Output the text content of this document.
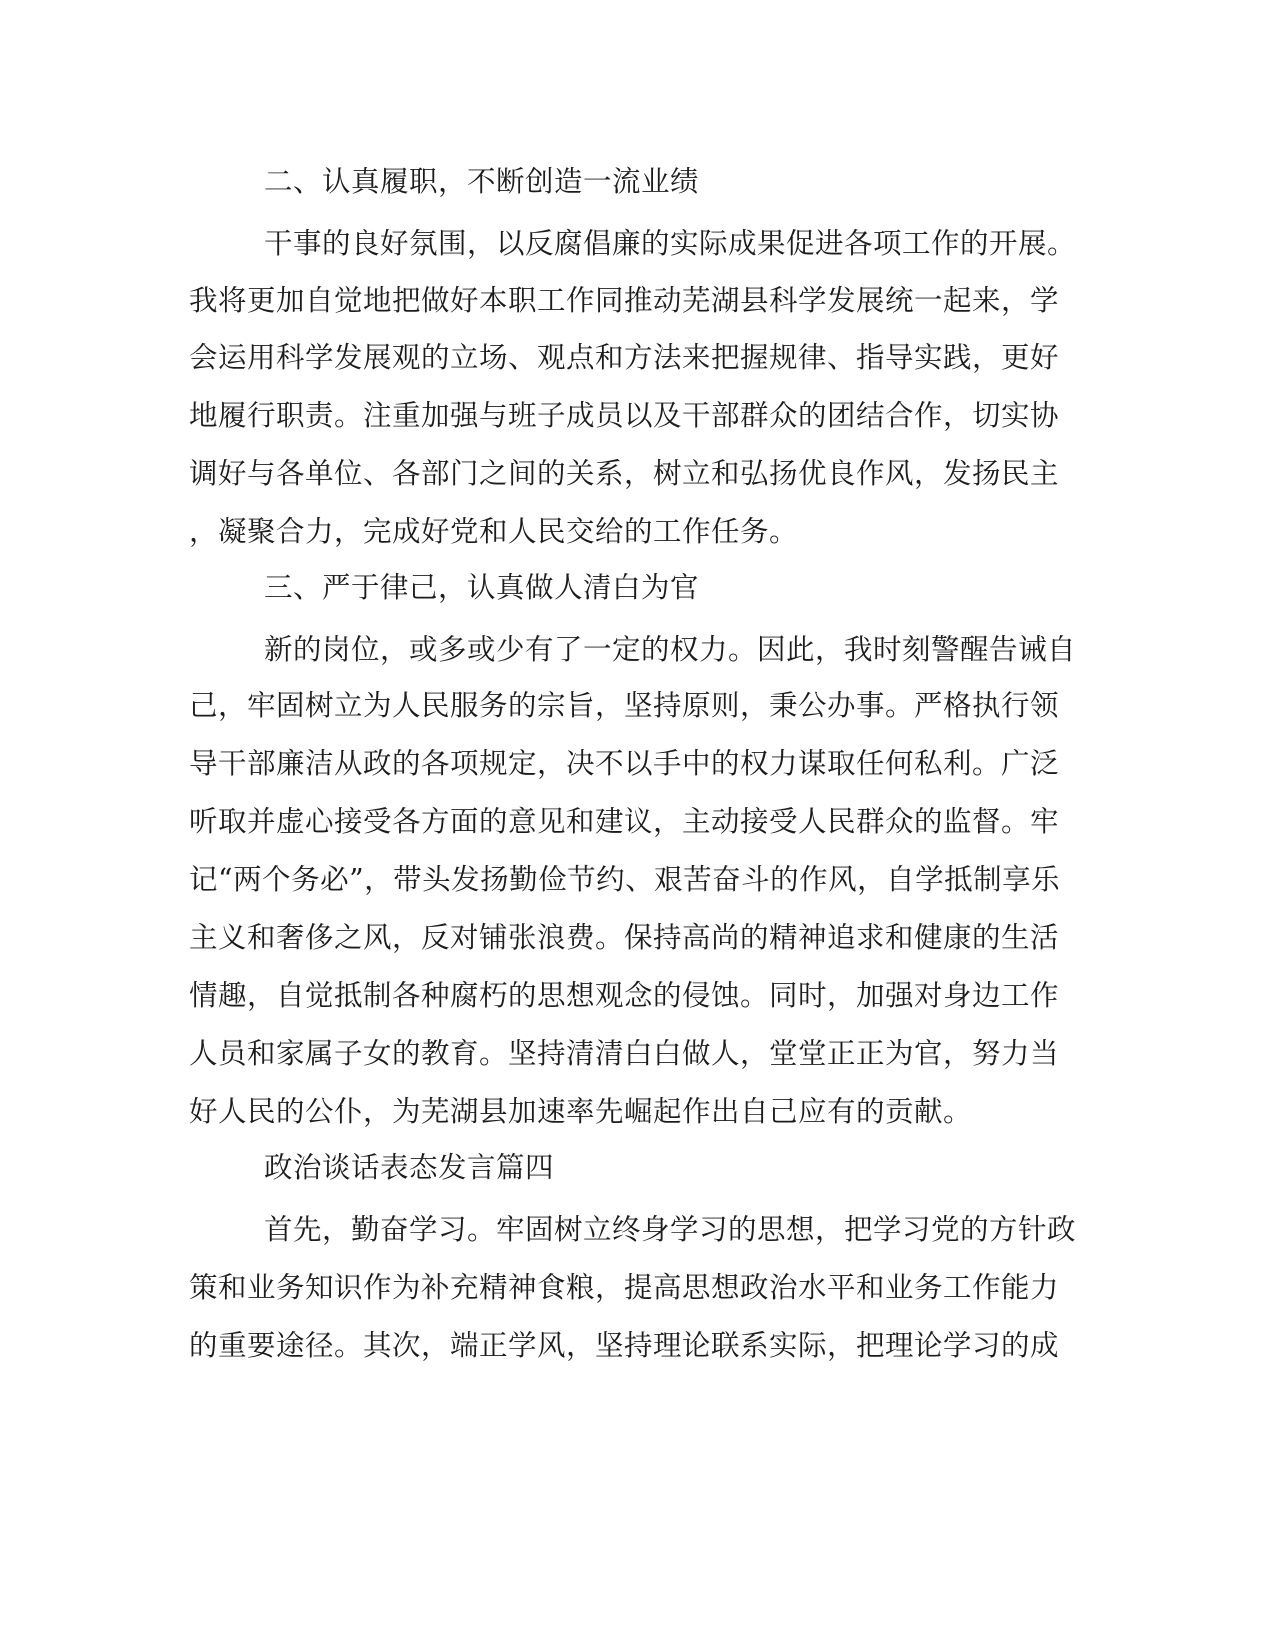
二、认真履职，不断创造一流业绩

干事的良好氛围，以反腐倡廉的实际成果促进各项工作的开展。

我将更加自觉地把做好本职工作同推动芜湖县科学发展统一起来，学

会运用科学发展观的立场、观点和方法来把握规律、指导实践，更好

地履行职责。注重加强与班子成员以及干部群众的团结合作，切实协

调好与各单位、各部门之间的关系，树立和弘扬优良作风，发扬民主

，凝聚合力，完成好党和人民交给的工作任务。

三、严于律己，认真做人清白为官

新的岗位，或多或少有了一定的权力。因此，我时刻警醒告诫自

己，牢固树立为人民服务的宗旨，坚持原则，秉公办事。严格执行领

导干部廉洁从政的各项规定，决不以手中的权力谋取任何私利。广泛

听取并虚心接受各方面的意见和建议，主动接受人民群众的监督。牢

记“两个务必”，带头发扬勤俭节约、艰苦奋斗的作风，自学抵制享乐

主义和奢侈之风，反对铺张浪费。保持高尚的精神追求和健康的生活

情趣，自觉抵制各种腐朽的思想观念的侵蚀。同时，加强对身边工作

人员和家属子女的教育。坚持清清白白做人，堂堂正正为官，努力当

好人民的公仆，为芜湖县加速率先崛起作出自己应有的贡献。

政治谈话表态发言篇四

首先，勤奋学习。牢固树立终身学习的思想，把学习党的方针政

策和业务知识作为补充精神食粮，提高思想政治水平和业务工作能力

的重要途径。其次，端正学风，坚持理论联系实际，把理论学习的成
